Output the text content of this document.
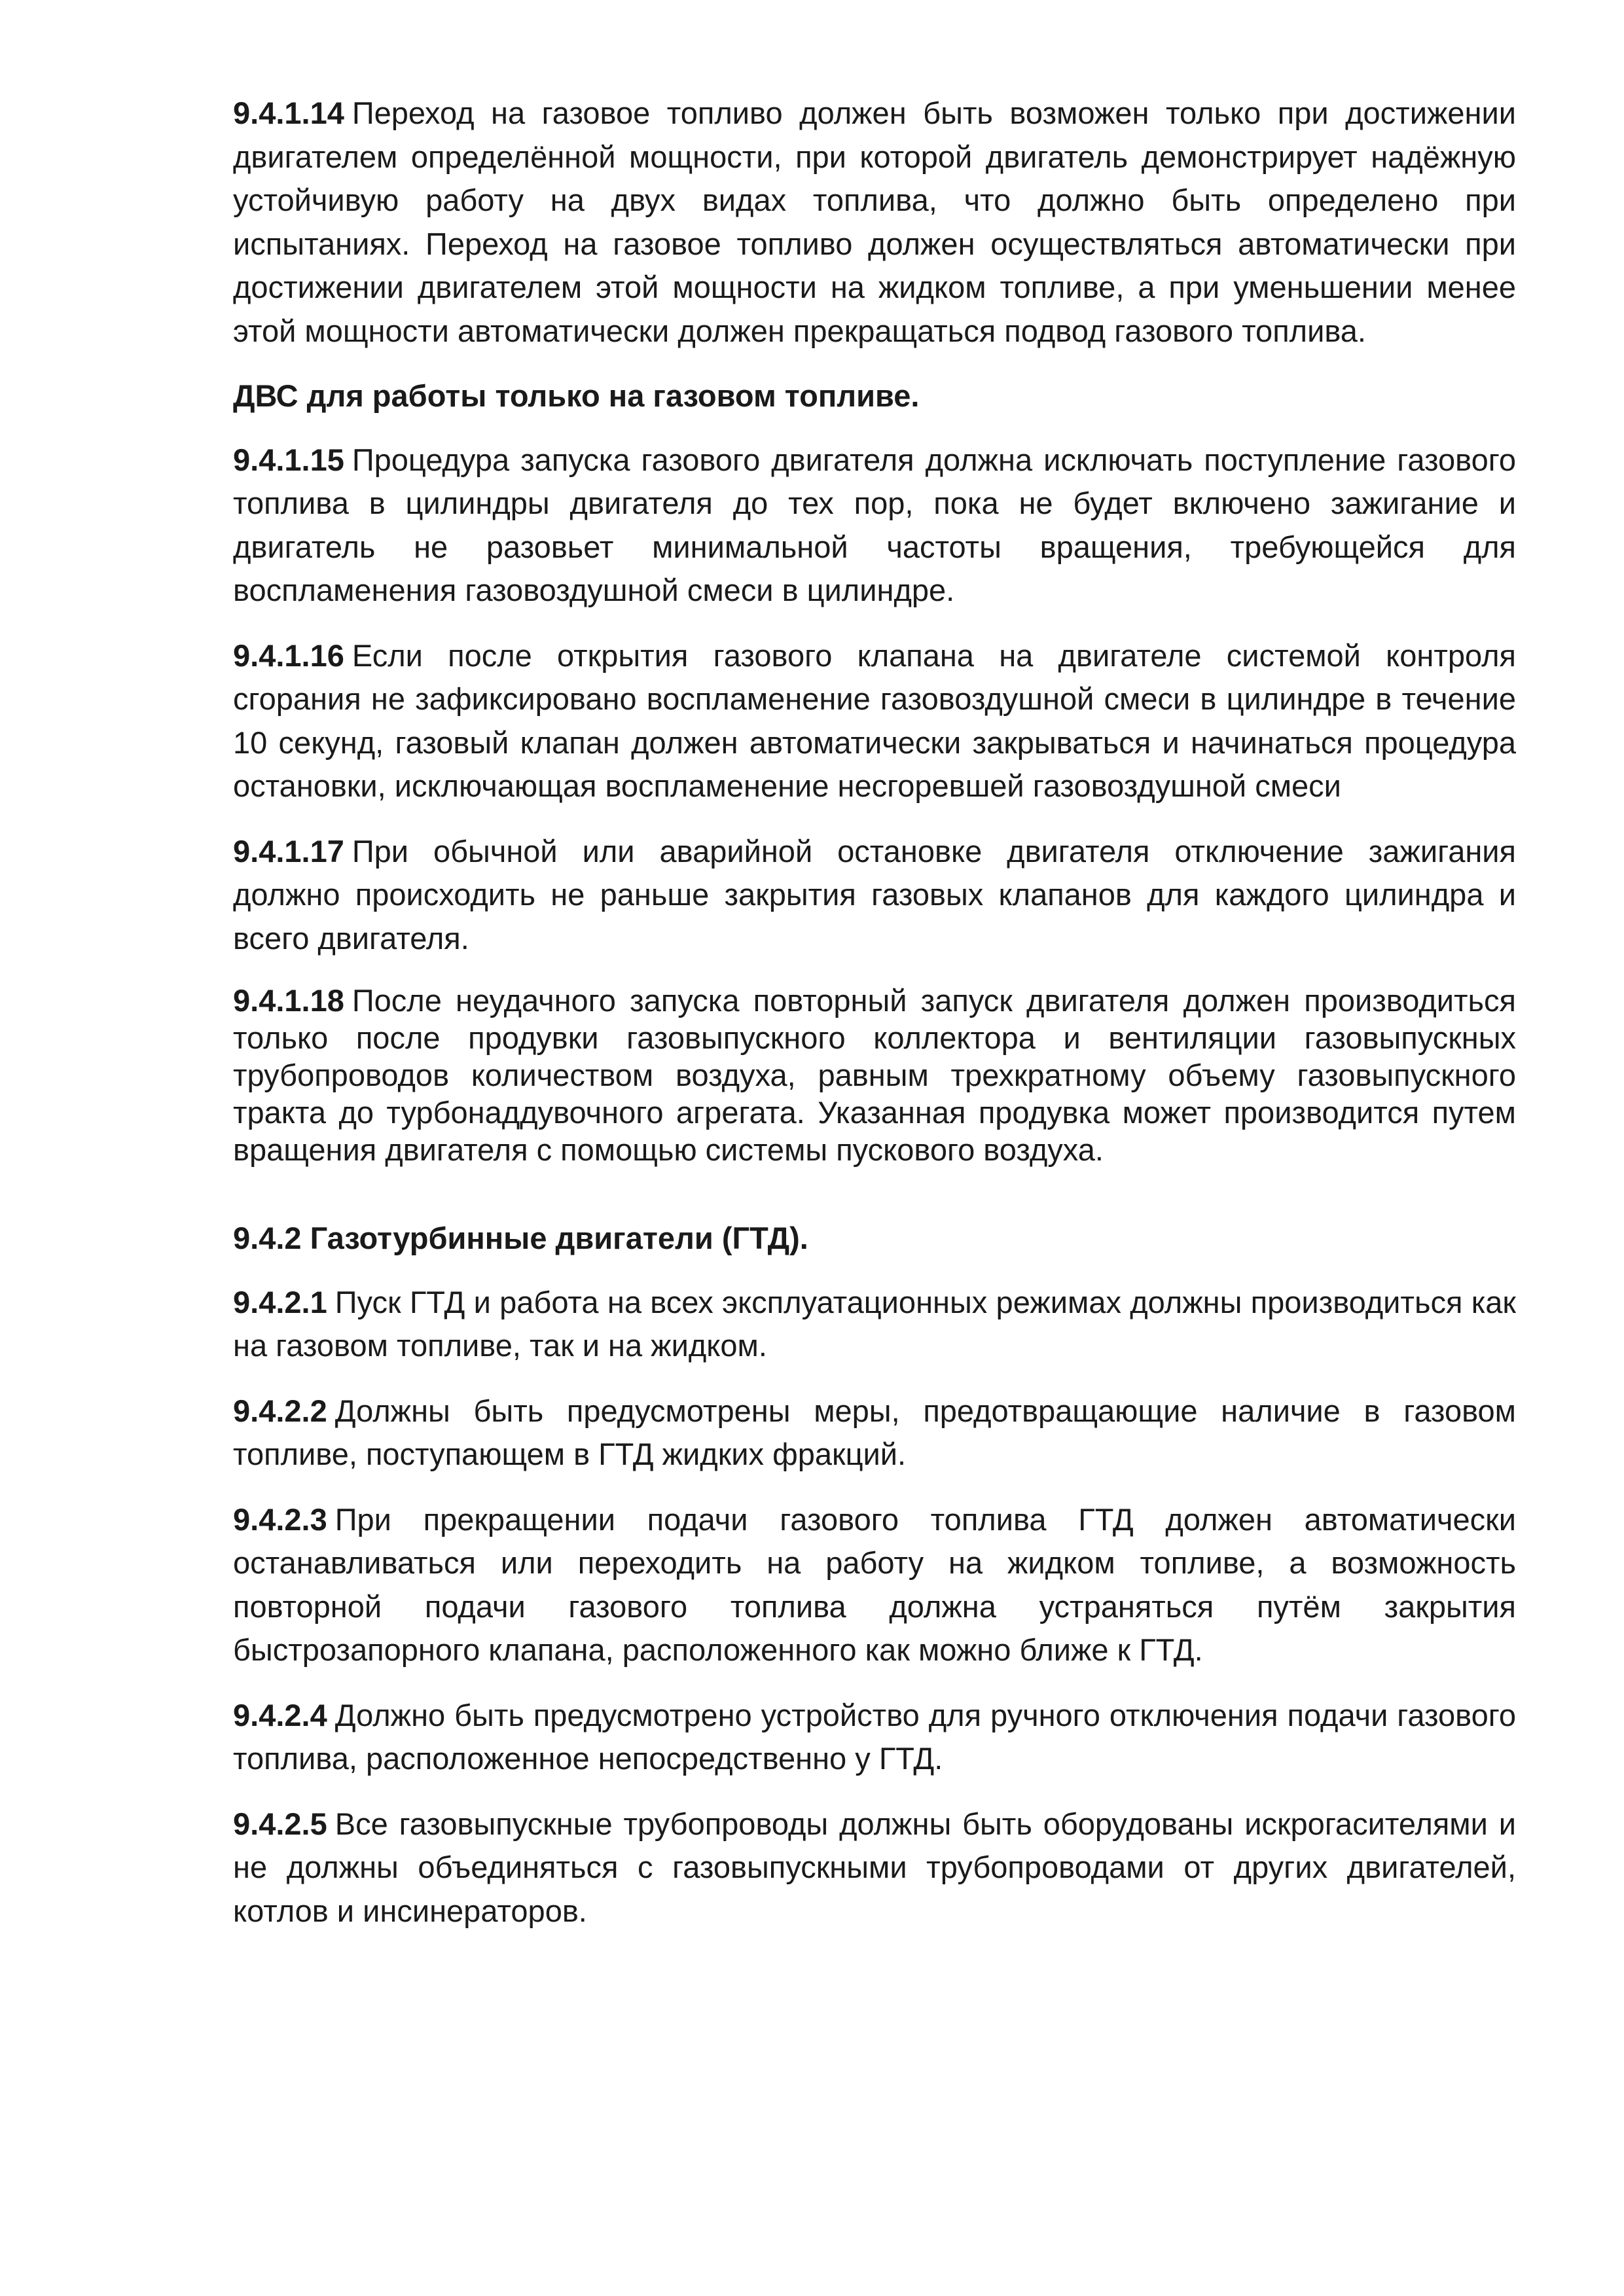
9.4.1.14 Переход на газовое топливо должен быть возможен только при достижении двигателем определённой мощности, при которой двигатель демонстрирует надёжную устойчивую работу на двух видах топлива, что должно быть определено при испытаниях. Переход на газовое топливо должен осуществляться автоматически при достижении двигателем этой мощности на жидком топливе, а при уменьшении менее этой мощности автоматически должен прекращаться подвод газового топлива.

ДВС для работы только на газовом топливе.

9.4.1.15 Процедура запуска газового двигателя должна исключать поступление газового топлива в цилиндры двигателя до тех пор, пока не будет включено зажигание и двигатель не разовьет минимальной частоты вращения, требующейся для воспламенения газовоздушной смеси в цилиндре.

9.4.1.16 Если после открытия газового клапана на двигателе системой контроля сгорания не зафиксировано воспламенение газовоздушной смеси в цилиндре в течение 10 секунд, газовый клапан должен автоматически закрываться и начинаться процедура остановки, исключающая воспламенение несгоревшей газовоздушной смеси

9.4.1.17 При обычной или аварийной остановке двигателя отключение зажигания должно происходить не раньше закрытия газовых клапанов для каждого цилиндра и всего двигателя.

9.4.1.18 После неудачного запуска повторный запуск двигателя должен производиться только после продувки газовыпускного коллектора и вентиляции газовыпускных трубопроводов количеством воздуха, равным трехкратному объему газовыпускного тракта до турбонаддувочного агрегата. Указанная продувка может производится путем вращения двигателя с помощью системы пускового воздуха.

9.4.2 Газотурбинные двигатели (ГТД).

9.4.2.1 Пуск ГТД и работа на всех эксплуатационных режимах должны производиться как на газовом топливе, так и на жидком.

9.4.2.2 Должны быть предусмотрены меры, предотвращающие наличие в газовом топливе, поступающем в ГТД жидких фракций.

9.4.2.3 При прекращении подачи газового топлива ГТД должен автоматически останавливаться или переходить на работу на жидком топливе, а возможность повторной подачи газового топлива должна устраняться путём закрытия быстрозапорного клапана, расположенного как можно ближе к ГТД.

9.4.2.4 Должно быть предусмотрено устройство для ручного отключения подачи газового топлива, расположенное непосредственно у ГТД.

9.4.2.5 Все газовыпускные трубопроводы должны быть оборудованы искрогасителями и не должны объединяться с газовыпускными трубопроводами от других двигателей, котлов и инсинераторов.
